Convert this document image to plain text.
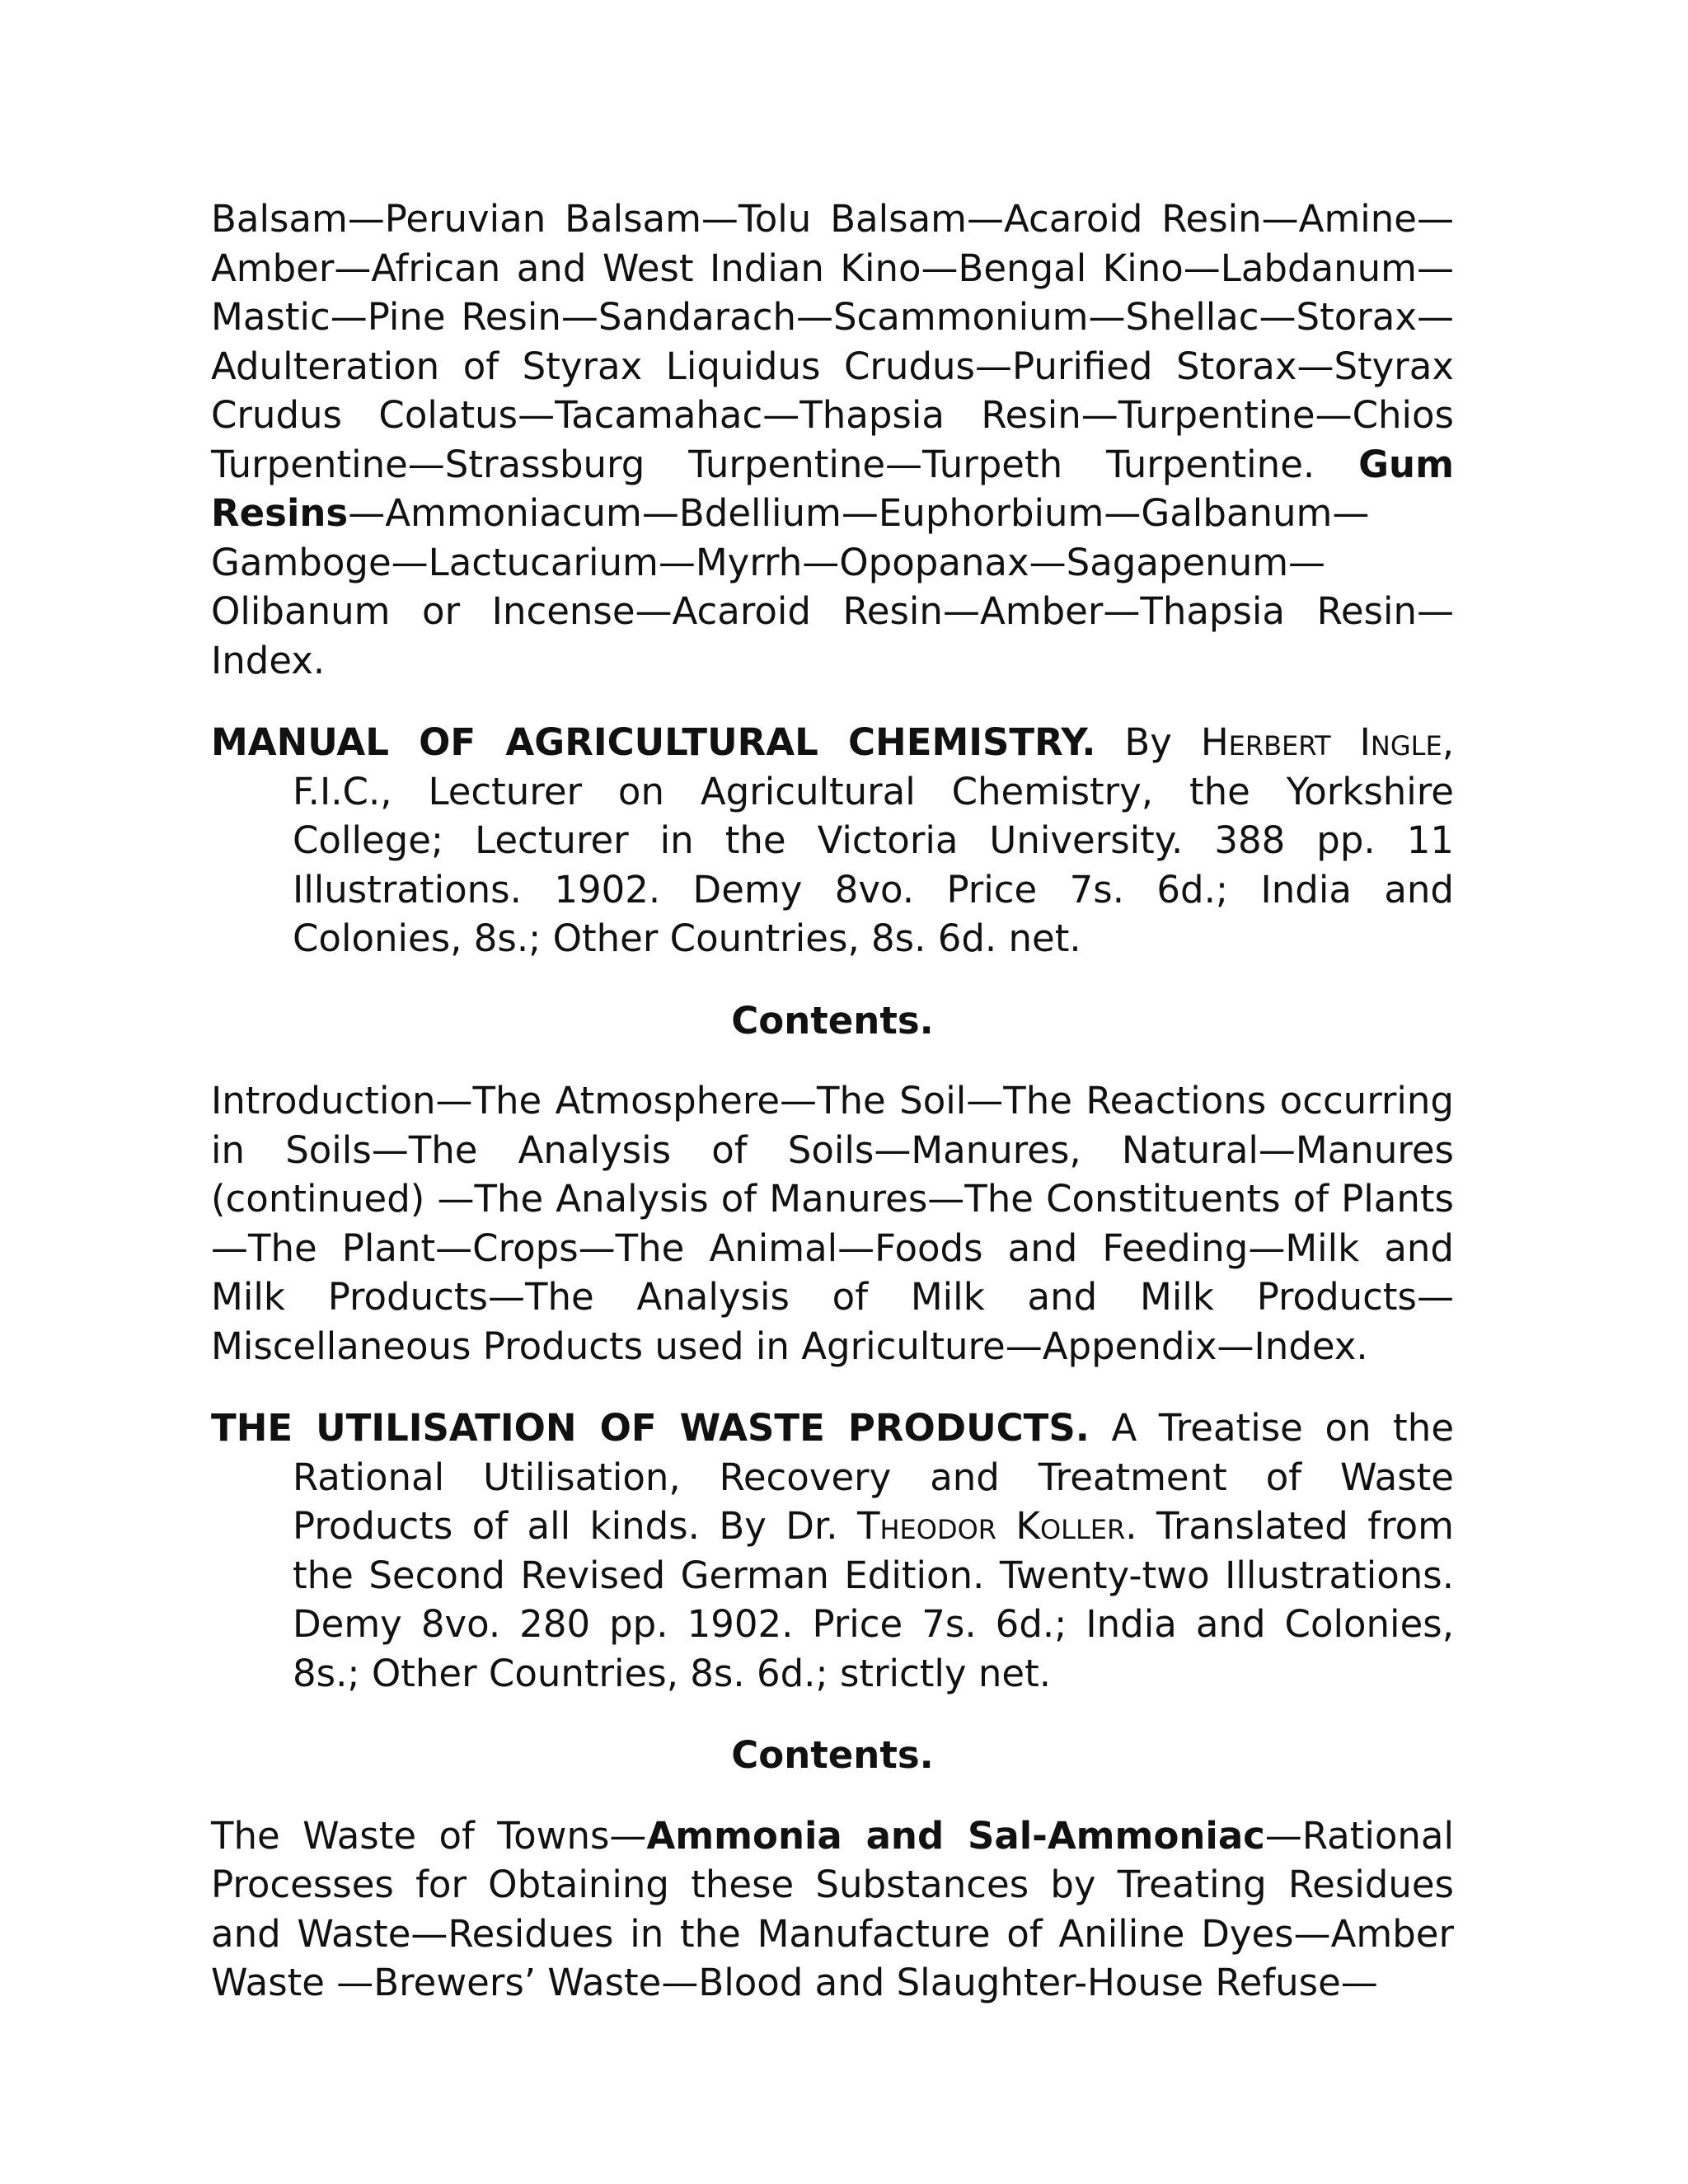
Balsam—Peruvian Balsam—Tolu Balsam—Acaroid Resin—Amine—Amber—African and West Indian Kino—Bengal Kino—Labdanum—Mastic—Pine Resin—Sandarach—Scammonium—Shellac—Storax—Adulteration of Styrax Liquidus Crudus—Purified Storax—Styrax Crudus Colatus—Tacamahac—Thapsia Resin—Turpentine—Chios Turpentine—Strassburg Turpentine—Turpeth Turpentine. Gum Resins—Ammoniacum—Bdellium—Euphorbium—Galbanum—Gamboge—Lactucarium—Myrrh—Opopanax—Sagapenum—Olibanum or Incense—Acaroid Resin—Amber—Thapsia Resin—Index.

MANUAL OF AGRICULTURAL CHEMISTRY. By Herbert Ingle, F.I.C., Lecturer on Agricultural Chemistry, the Yorkshire College; Lecturer in the Victoria University. 388 pp. 11 Illustrations. 1902. Demy 8vo. Price 7s. 6d.; India and Colonies, 8s.; Other Countries, 8s. 6d. net.

Contents.

Introduction—The Atmosphere—The Soil—The Reactions occurring in Soils—The Analysis of Soils—Manures, Natural—Manures (continued) —The Analysis of Manures—The Constituents of Plants—The Plant—Crops—The Animal—Foods and Feeding—Milk and Milk Products—The Analysis of Milk and Milk Products—Miscellaneous Products used in Agriculture—Appendix—Index.

THE UTILISATION OF WASTE PRODUCTS. A Treatise on the Rational Utilisation, Recovery and Treatment of Waste Products of all kinds. By Dr. Theodor Koller. Translated from the Second Revised German Edition. Twenty-two Illustrations. Demy 8vo. 280 pp. 1902. Price 7s. 6d.; India and Colonies, 8s.; Other Countries, 8s. 6d.; strictly net.

Contents.

The Waste of Towns—Ammonia and Sal-Ammoniac—Rational Processes for Obtaining these Substances by Treating Residues and Waste—Residues in the Manufacture of Aniline Dyes—Amber Waste —Brewers’ Waste—Blood and Slaughter-House Refuse—
